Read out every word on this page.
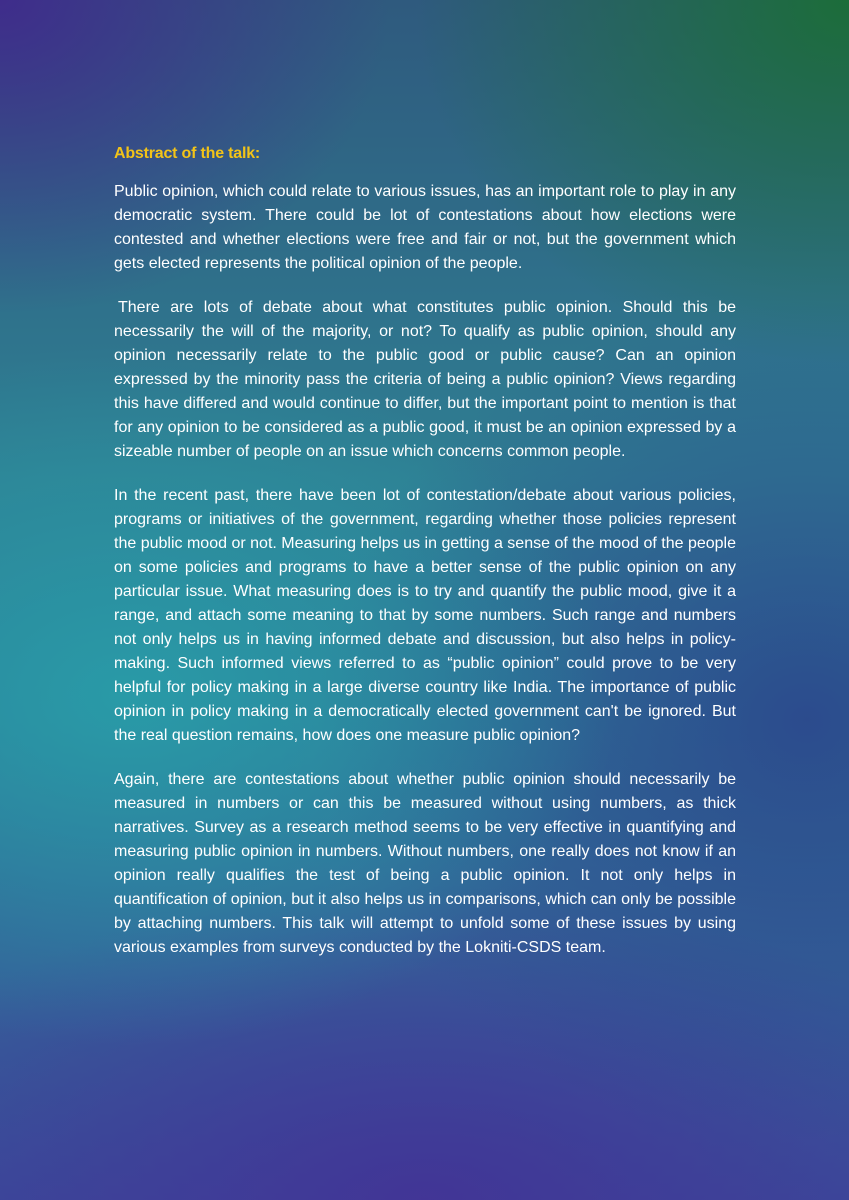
Abstract of the talk:

Public opinion, which could relate to various issues, has an important role to play in any democratic system. There could be lot of contestations about how elections were contested and whether elections were free and fair or not, but the government which gets elected represents the political opinion of the people.

There are lots of debate about what constitutes public opinion. Should this be necessarily the will of the majority, or not? To qualify as public opinion, should any opinion necessarily relate to the public good or public cause? Can an opinion expressed by the minority pass the criteria of being a public opinion? Views regarding this have differed and would continue to differ, but the important point to mention is that for any opinion to be considered as a public good, it must be an opinion expressed by a sizeable number of people on an issue which concerns common people.

In the recent past, there have been lot of contestation/debate about various policies, programs or initiatives of the government, regarding whether those policies represent the public mood or not. Measuring helps us in getting a sense of the mood of the people on some policies and programs to have a better sense of the public opinion on any particular issue. What measuring does is to try and quantify the public mood, give it a range, and attach some meaning to that by some numbers. Such range and numbers not only helps us in having informed debate and discussion, but also helps in policy-making. Such informed views referred to as “public opinion” could prove to be very helpful for policy making in a large diverse country like India. The importance of public opinion in policy making in a democratically elected government can't be ignored. But the real question remains, how does one measure public opinion?

Again, there are contestations about whether public opinion should necessarily be measured in numbers or can this be measured without using numbers, as thick narratives. Survey as a research method seems to be very effective in quantifying and measuring public opinion in numbers. Without numbers, one really does not know if an opinion really qualifies the test of being a public opinion. It not only helps in quantification of opinion, but it also helps us in comparisons, which can only be possible by attaching numbers. This talk will attempt to unfold some of these issues by using various examples from surveys conducted by the Lokniti-CSDS team.
